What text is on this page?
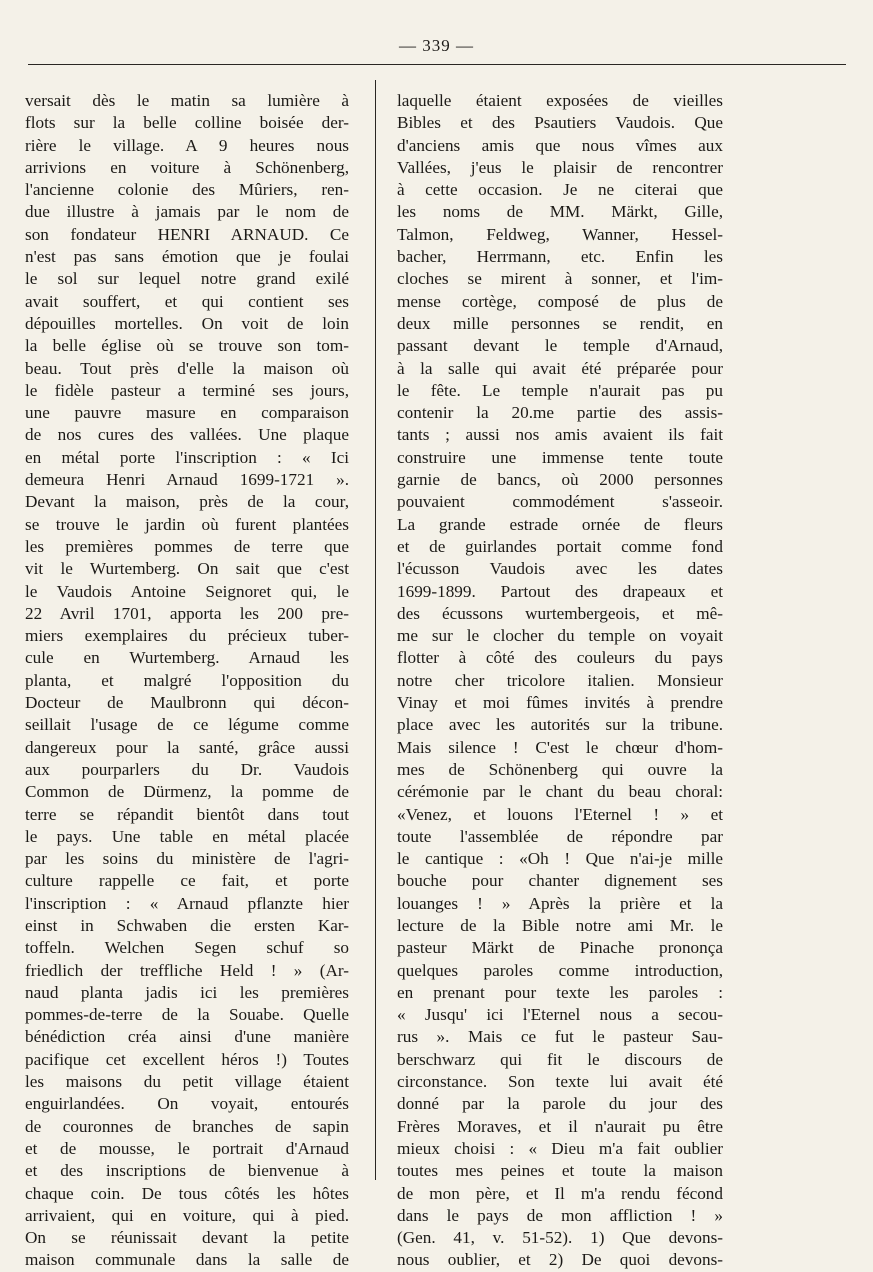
— 339 —
versait dès le matin sa lumière à
flots sur la belle colline boisée der-
rière le village. A 9 heures nous
arrivions en voiture à Schönenberg,
l'ancienne colonie des Mûriers, ren-
due illustre à jamais par le nom de
son fondateur HENRI ARNAUD. Ce
n'est pas sans émotion que je foulai
le sol sur lequel notre grand exilé
avait souffert, et qui contient ses
dépouilles mortelles. On voit de loin
la belle église où se trouve son tom-
beau. Tout près d'elle la maison où
le fidèle pasteur a terminé ses jours,
une pauvre masure en comparaison
de nos cures des vallées. Une plaque
en métal porte l'inscription : « Ici
demeura Henri Arnaud 1699-1721 ».
Devant la maison, près de la cour,
se trouve le jardin où furent plantées
les premières pommes de terre que
vit le Wurtemberg. On sait que c'est
le Vaudois Antoine Seignoret qui, le
22 Avril 1701, apporta les 200 pre-
miers exemplaires du précieux tuber-
cule en Wurtemberg. Arnaud les
planta, et malgré l'opposition du
Docteur de Maulbronn qui décon-
seillait l'usage de ce légume comme
dangereux pour la santé, grâce aussi
aux pourparlers du Dr. Vaudois
Common de Dürmenz, la pomme de
terre se répandit bientôt dans tout
le pays. Une table en métal placée
par les soins du ministère de l'agri-
culture rappelle ce fait, et porte
l'inscription : « Arnaud pflanzte hier
einst in Schwaben die ersten Kar-
toffeln. Welchen Segen schuf so
friedlich der treffliche Held ! » (Ar-
naud planta jadis ici les premières
pommes-de-terre de la Souabe. Quelle
bénédiction créa ainsi d'une manière
pacifique cet excellent héros !) Toutes
les maisons du petit village étaient
enguirlandées. On voyait, entourés
de couronnes de branches de sapin
et de mousse, le portrait d'Arnaud
et des inscriptions de bienvenue à
chaque coin. De tous côtés les hôtes
arrivaient, qui en voiture, qui à pied.
On se réunissait devant la petite
maison communale dans la salle de
laquelle étaient exposées de vieilles
Bibles et des Psautiers Vaudois. Que
d'anciens amis que nous vîmes aux
Vallées, j'eus le plaisir de rencontrer
à cette occasion. Je ne citerai que
les noms de MM. Märkt, Gille,
Talmon, Feldweg, Wanner, Hessel-
bacher, Herrmann, etc. Enfin les
cloches se mirent à sonner, et l'im-
mense cortège, composé de plus de
deux mille personnes se rendit, en
passant devant le temple d'Arnaud,
à la salle qui avait été préparée pour
le fête. Le temple n'aurait pas pu
contenir la 20.me partie des assis-
tants ; aussi nos amis avaient ils fait
construire une immense tente toute
garnie de bancs, où 2000 personnes
pouvaient commodément s'asseoir.
La grande estrade ornée de fleurs
et de guirlandes portait comme fond
l'écusson Vaudois avec les dates
1699-1899. Partout des drapeaux et
des écussons wurtembergeois, et mê-
me sur le clocher du temple on voyait
flotter à côté des couleurs du pays
notre cher tricolore italien. Monsieur
Vinay et moi fûmes invités à prendre
place avec les autorités sur la tribune.
Mais silence ! C'est le chœur d'hom-
mes de Schönenberg qui ouvre la
cérémonie par le chant du beau choral:
«Venez, et louons l'Eternel ! » et
toute l'assemblée de répondre par
le cantique : «Oh ! Que n'ai-je mille
bouche pour chanter dignement ses
louanges ! » Après la prière et la
lecture de la Bible notre ami Mr. le
pasteur Märkt de Pinache prononça
quelques paroles comme introduction,
en prenant pour texte les paroles :
« Jusqu' ici l'Eternel nous a secou-
rus ». Mais ce fut le pasteur Sau-
berschwarz qui fit le discours de
circonstance. Son texte lui avait été
donné par la parole du jour des
Frères Moraves, et il n'aurait pu être
mieux choisi : « Dieu m'a fait oublier
toutes mes peines et toute la maison
de mon père, et Il m'a rendu fécond
dans le pays de mon affliction ! »
(Gen. 41, v. 51-52). 1) Que devons-
nous oublier, et 2) De quoi devons-
